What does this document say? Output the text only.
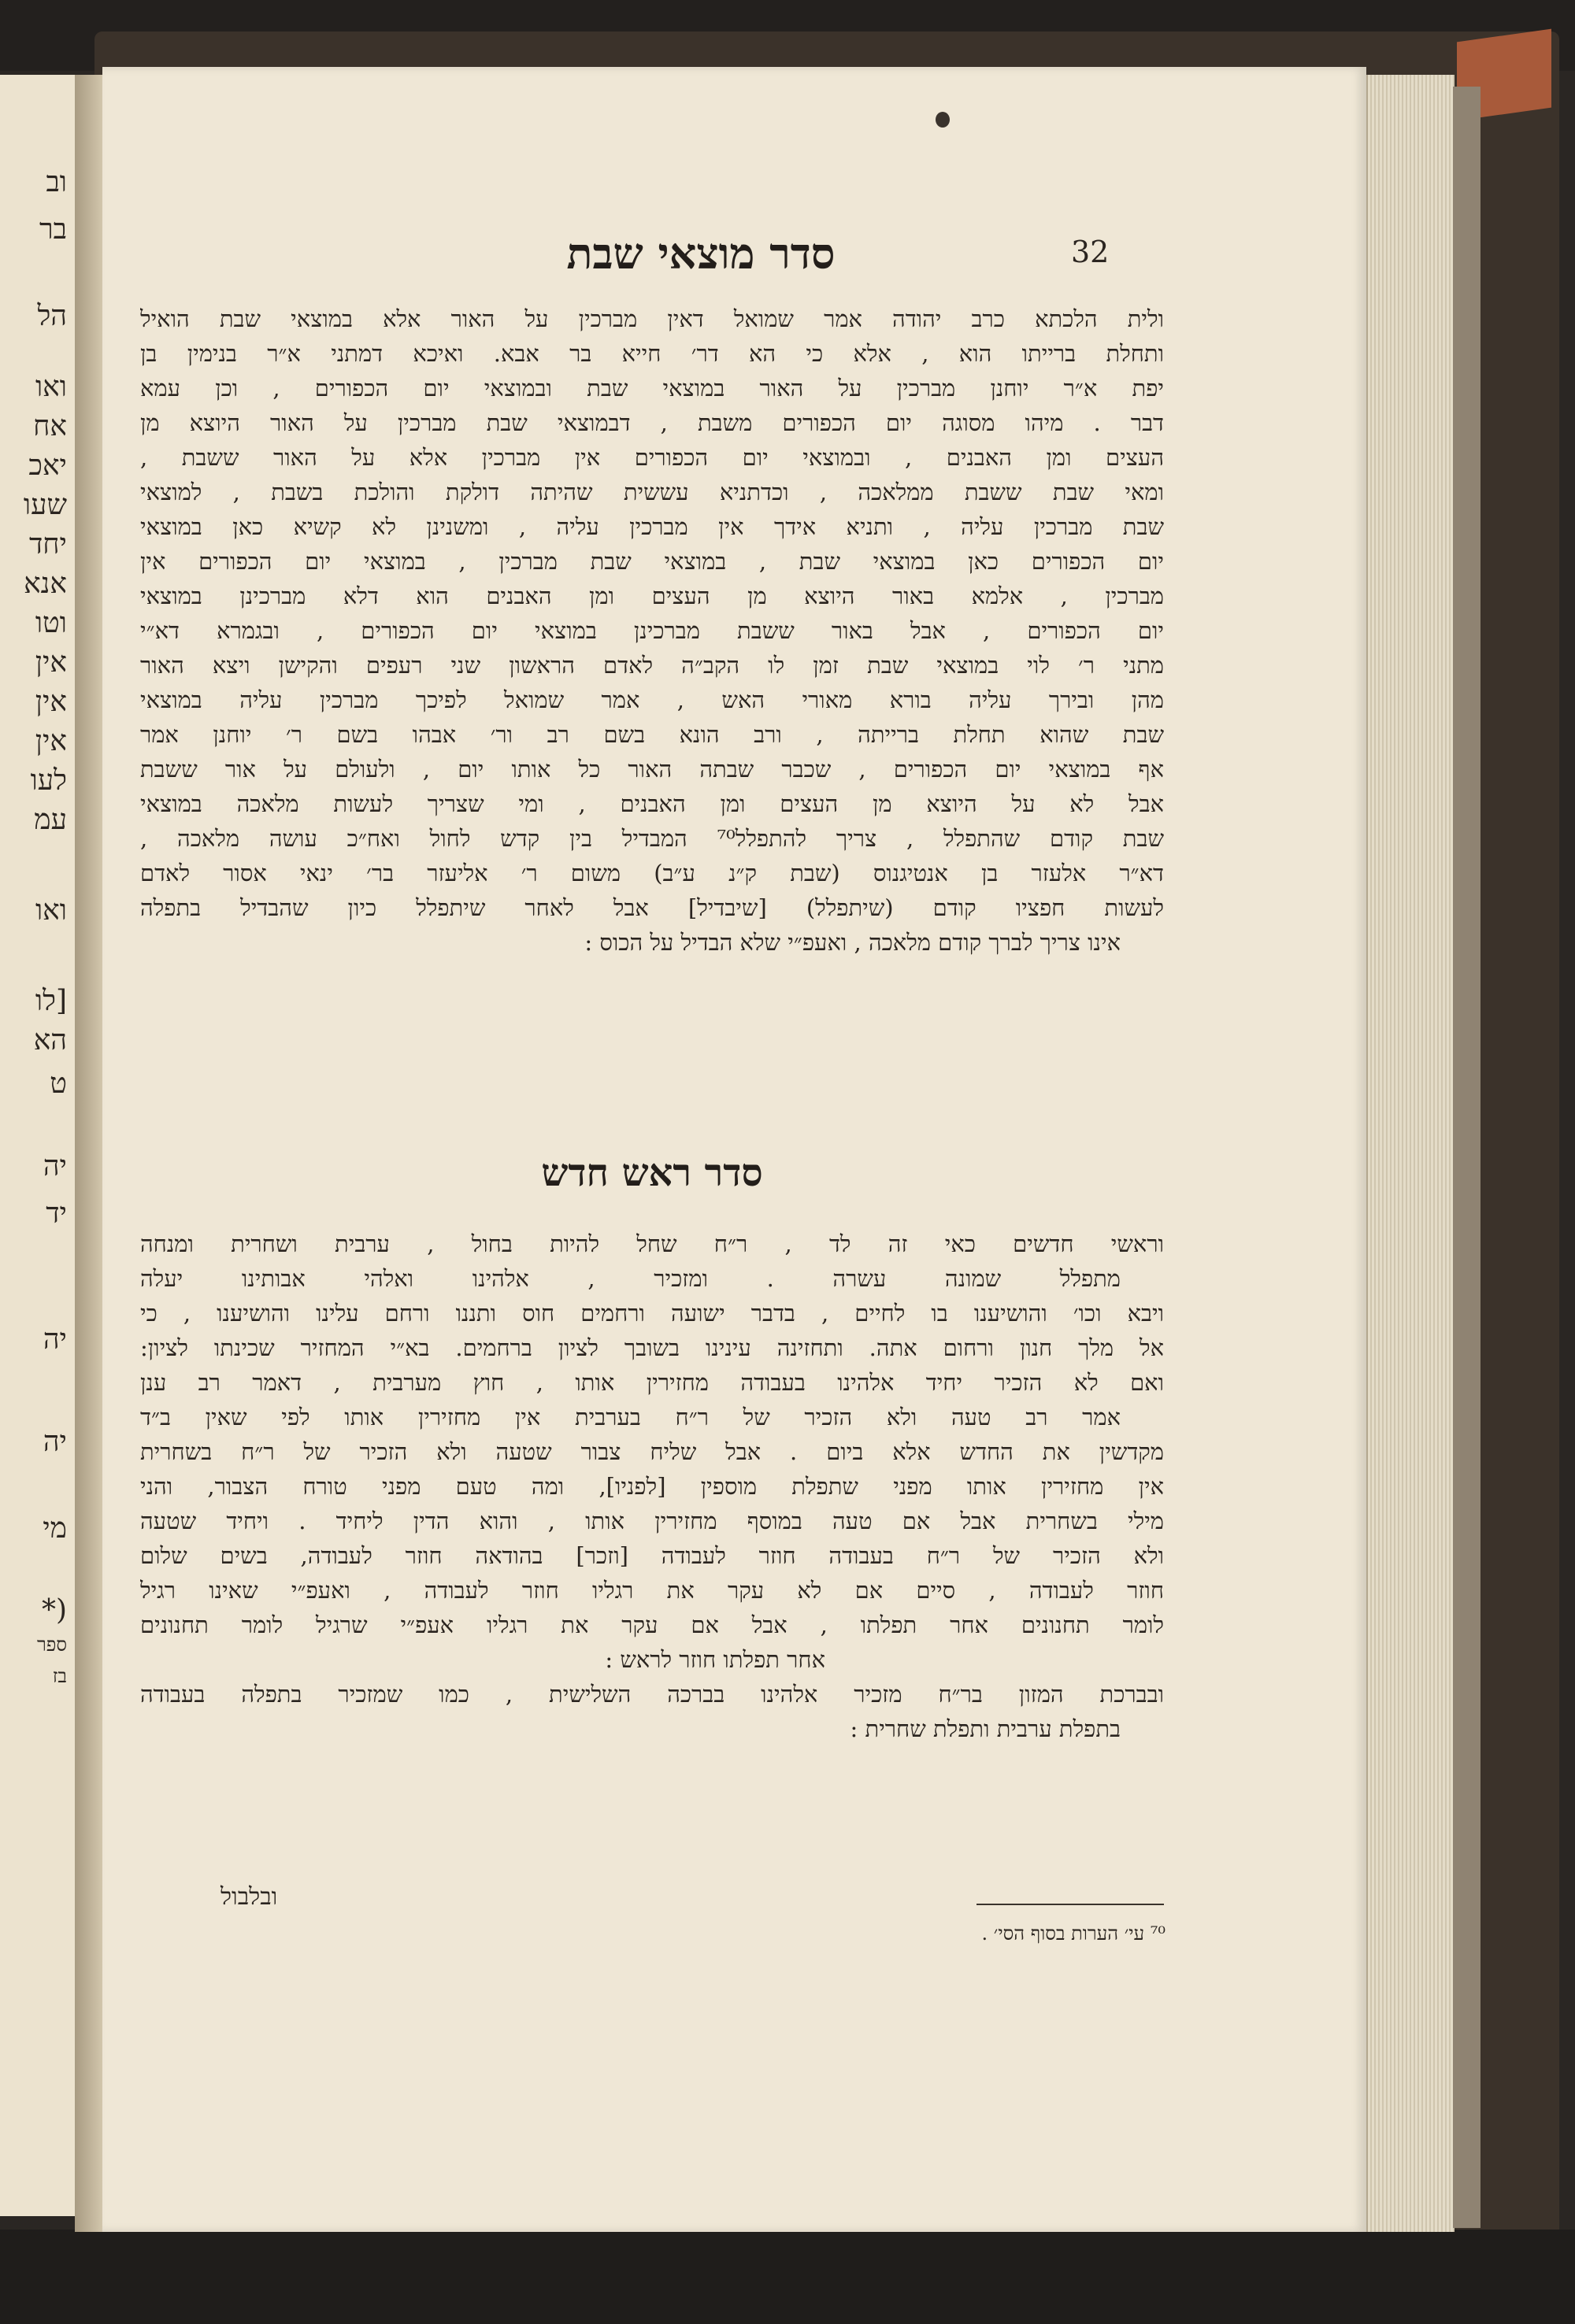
וב
בר
הל
ואו
אח
יאכ
שעו
יחד
אנא
וטו
אין
אין
אין
לעו
עמ
ואו
[לו
הא
ט
יה
יד
יה
יה
מי
(*
ספר
בז
סדר מוצאי שבת	32
ולית הלכתא כרב יהודה אמר שמואל דאין מברכין על האור אלא במוצאי שבת הואיל
ותחלת ברייתו הוא , אלא כי הא דר׳ חייא בר אבא. ואיכא דמתני א״ר בנימין בן
יפת א״ר יוחנן מברכין על האור במוצאי שבת ובמוצאי יום הכפורים , וכן עמא
דבר . מיהו מסוגה יום הכפורים משבת , דבמוצאי שבת מברכין על האור היוצא מן
העצים ומן האבנים , ובמוצאי יום הכפורים אין מברכין אלא על האור ששבת ,
ומאי שבת ששבת ממלאכה , וכדתניא עששית שהיתה דולקת והולכת בשבת , למוצאי
שבת מברכין עליה , ותניא אידך אין מברכין עליה , ומשנינן לא קשיא כאן במוצאי
יום הכפורים כאן במוצאי שבת , במוצאי שבת מברכין , במוצאי יום הכפורים אין
מברכין , אלמא באור היוצא מן העצים ומן האבנים הוא דלא מברכינן במוצאי
יום הכפורים , אבל באור ששבת מברכינן במוצאי יום הכפורים , ובגמרא דא״י
מתני ר׳ לוי במוצאי שבת זמן לו הקב״ה לאדם הראשון שני רעפים והקישן ויצא האור
מהן ובירך עליה בורא מאורי האש , אמר שמואל לפיכך מברכין עליה במוצאי
שבת שהוא תחלת ברייתה , ורב הונא בשם רב ור׳ אבהו בשם ר׳ יוחנן אמר
אף במוצאי יום הכפורים , שכבר שבתה האור כל אותו יום , ולעולם על אור ששבת
אבל לא על היוצא מן העצים ומן האבנים , ומי שצריך לעשות מלאכה במוצאי
שבת קודם שהתפלל , צריך להתפלל⁷⁰ המבדיל בין קדש לחול ואח״כ עושה מלאכה ,
דא״ר אלעזר בן אנטיגנוס (שבת ק״נ ע״ב) משום ר׳ אליעזר בר׳ ינאי אסור לאדם
לעשות חפציו קודם (שיתפלל) [שיבדיל] אבל לאחר שיתפלל כיון שהבדיל בתפלה
אינו צריך לברך קודם מלאכה , ואעפ״י שלא הבדיל על הכוס :
סדר ראש חדש
וראשי חדשים כאי זה לד , ר״ח שחל להיות בחול , ערבית ושחרית ומנחה
מתפלל שמונה עשרה . ומזכיר , אלהינו ואלהי אבותינו יעלה
ויבא וכו׳ והושיענו בו לחיים , בדבר ישועה ורחמים חוס ותננו ורחם עלינו והושיענו , כי
אל מלך חנון ורחום אתה. ותחזינה עינינו בשובך לציון ברחמים. בא״י המחזיר שכינתו לציון:
ואם לא הזכיר יחיד אלהינו בעבודה מחזירין אותו , חוץ מערבית , דאמר רב ענן
אמר רב טעה ולא הזכיר של ר״ח בערבית אין מחזירין אותו לפי שאין ב״ד
מקדשין את החדש אלא ביום . אבל שליח צבור שטעה ולא הזכיר של ר״ח בשחרית
אין מחזירין אותו מפני שתפלת מוספין [לפניו], ומה טעם מפני טורח הצבור, והני
מילי בשחרית אבל אם טעה במוסף מחזירין אותו , והוא הדין ליחיד . ויחיד שטעה
ולא הזכיר של ר״ח בעבודה חוזר לעבודה [וזכר] בהודאה חוזר לעבודה, בשים שלום
חוזר לעבודה , סיים אם לא עקר את רגליו חוזר לעבודה , ואעפ״י שאינו רגיל
לומר תחנונים אחר תפלתו , אבל אם עקר את רגליו אעפ״י שרגיל לומר תחנונים
אחר תפלתו חוזר לראש :
ובברכת המזון בר״ח מזכיר אלהינו בברכה השלישית , כמו שמזכיר בתפלה בעבודה
בתפלת ערבית ותפלת שחרית :
ובלבול
⁷⁰ עי׳ הערות בסוף הסי׳ .
